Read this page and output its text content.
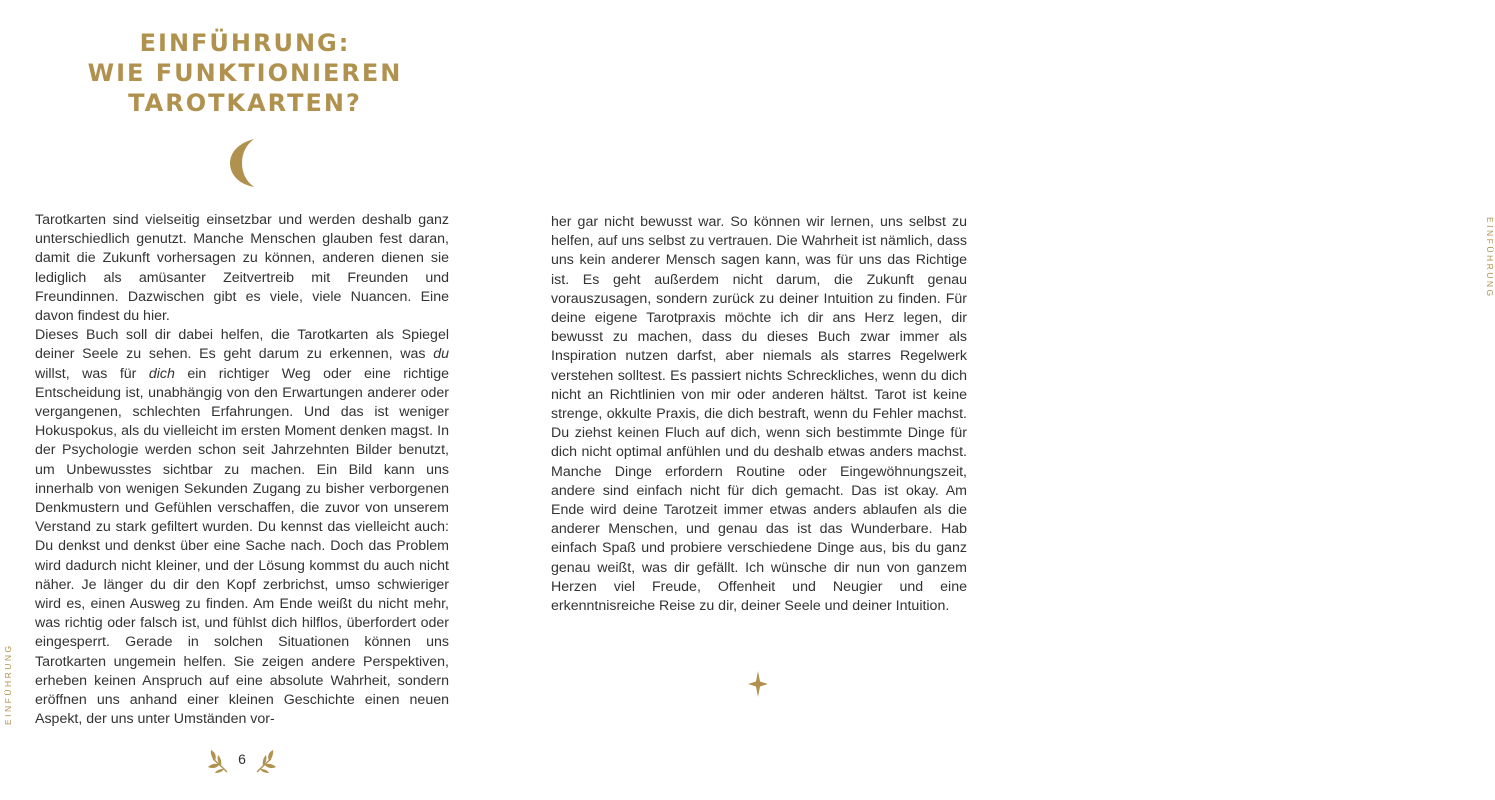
EINFÜHRUNG:
WIE FUNKTIONIEREN
TAROTKARTEN?

Tarotkarten sind vielseitig einsetzbar und werden deshalb ganz unterschiedlich genutzt. Manche Menschen glauben fest daran, damit die Zukunft vorhersagen zu können, anderen dienen sie lediglich als amüsanter Zeitvertreib mit Freunden und Freundinnen. Dazwischen gibt es viele, viele Nuancen. Eine davon findest du hier.

Dieses Buch soll dir dabei helfen, die Tarotkarten als Spiegel deiner Seele zu sehen. Es geht darum zu erkennen, was du willst, was für dich ein richtiger Weg oder eine richtige Entscheidung ist, unabhängig von den Erwartungen anderer oder vergangenen, schlechten Erfahrungen. Und das ist weniger Hokuspokus, als du vielleicht im ersten Moment denken magst. In der Psychologie werden schon seit Jahrzehnten Bilder benutzt, um Unbewusstes sichtbar zu machen. Ein Bild kann uns innerhalb von wenigen Sekunden Zugang zu bisher verborgenen Denkmustern und Gefühlen verschaffen, die zuvor von unserem Verstand zu stark gefiltert wurden. Du kennst das vielleicht auch: Du denkst und denkst über eine Sache nach. Doch das Problem wird dadurch nicht kleiner, und der Lösung kommst du auch nicht näher. Je länger du dir den Kopf zerbrichst, umso schwieriger wird es, einen Ausweg zu finden. Am Ende weißt du nicht mehr, was richtig oder falsch ist, und fühlst dich hilflos, überfordert oder eingesperrt. Gerade in solchen Situationen können uns Tarotkarten ungemein helfen. Sie zeigen andere Perspektiven, erheben keinen Anspruch auf eine absolute Wahrheit, sondern eröffnen uns anhand einer kleinen Geschichte einen neuen Aspekt, der uns unter Umständen vor-

EINFÜHRUNG
6

her gar nicht bewusst war. So können wir lernen, uns selbst zu helfen, auf uns selbst zu vertrauen. Die Wahrheit ist nämlich, dass uns kein anderer Mensch sagen kann, was für uns das Richtige ist. Es geht außerdem nicht darum, die Zukunft genau vorauszusagen, sondern zurück zu deiner Intuition zu finden. Für deine eigene Tarotpraxis möchte ich dir ans Herz legen, dir bewusst zu machen, dass du dieses Buch zwar immer als Inspiration nutzen darfst, aber niemals als starres Regelwerk verstehen solltest. Es passiert nichts Schreckliches, wenn du dich nicht an Richtlinien von mir oder anderen hältst. Tarot ist keine strenge, okkulte Praxis, die dich bestraft, wenn du Fehler machst. Du ziehst keinen Fluch auf dich, wenn sich bestimmte Dinge für dich nicht optimal anfühlen und du deshalb etwas anders machst. Manche Dinge erfordern Routine oder Eingewöhnungszeit, andere sind einfach nicht für dich gemacht. Das ist okay. Am Ende wird deine Tarotzeit immer etwas anders ablaufen als die anderer Menschen, und genau das ist das Wunderbare. Hab einfach Spaß und probiere verschiedene Dinge aus, bis du ganz genau weißt, was dir gefällt. Ich wünsche dir nun von ganzem Herzen viel Freude, Offenheit und Neugier und eine erkenntnisreiche Reise zu dir, deiner Seele und deiner Intuition.

EINFÜHRUNG
